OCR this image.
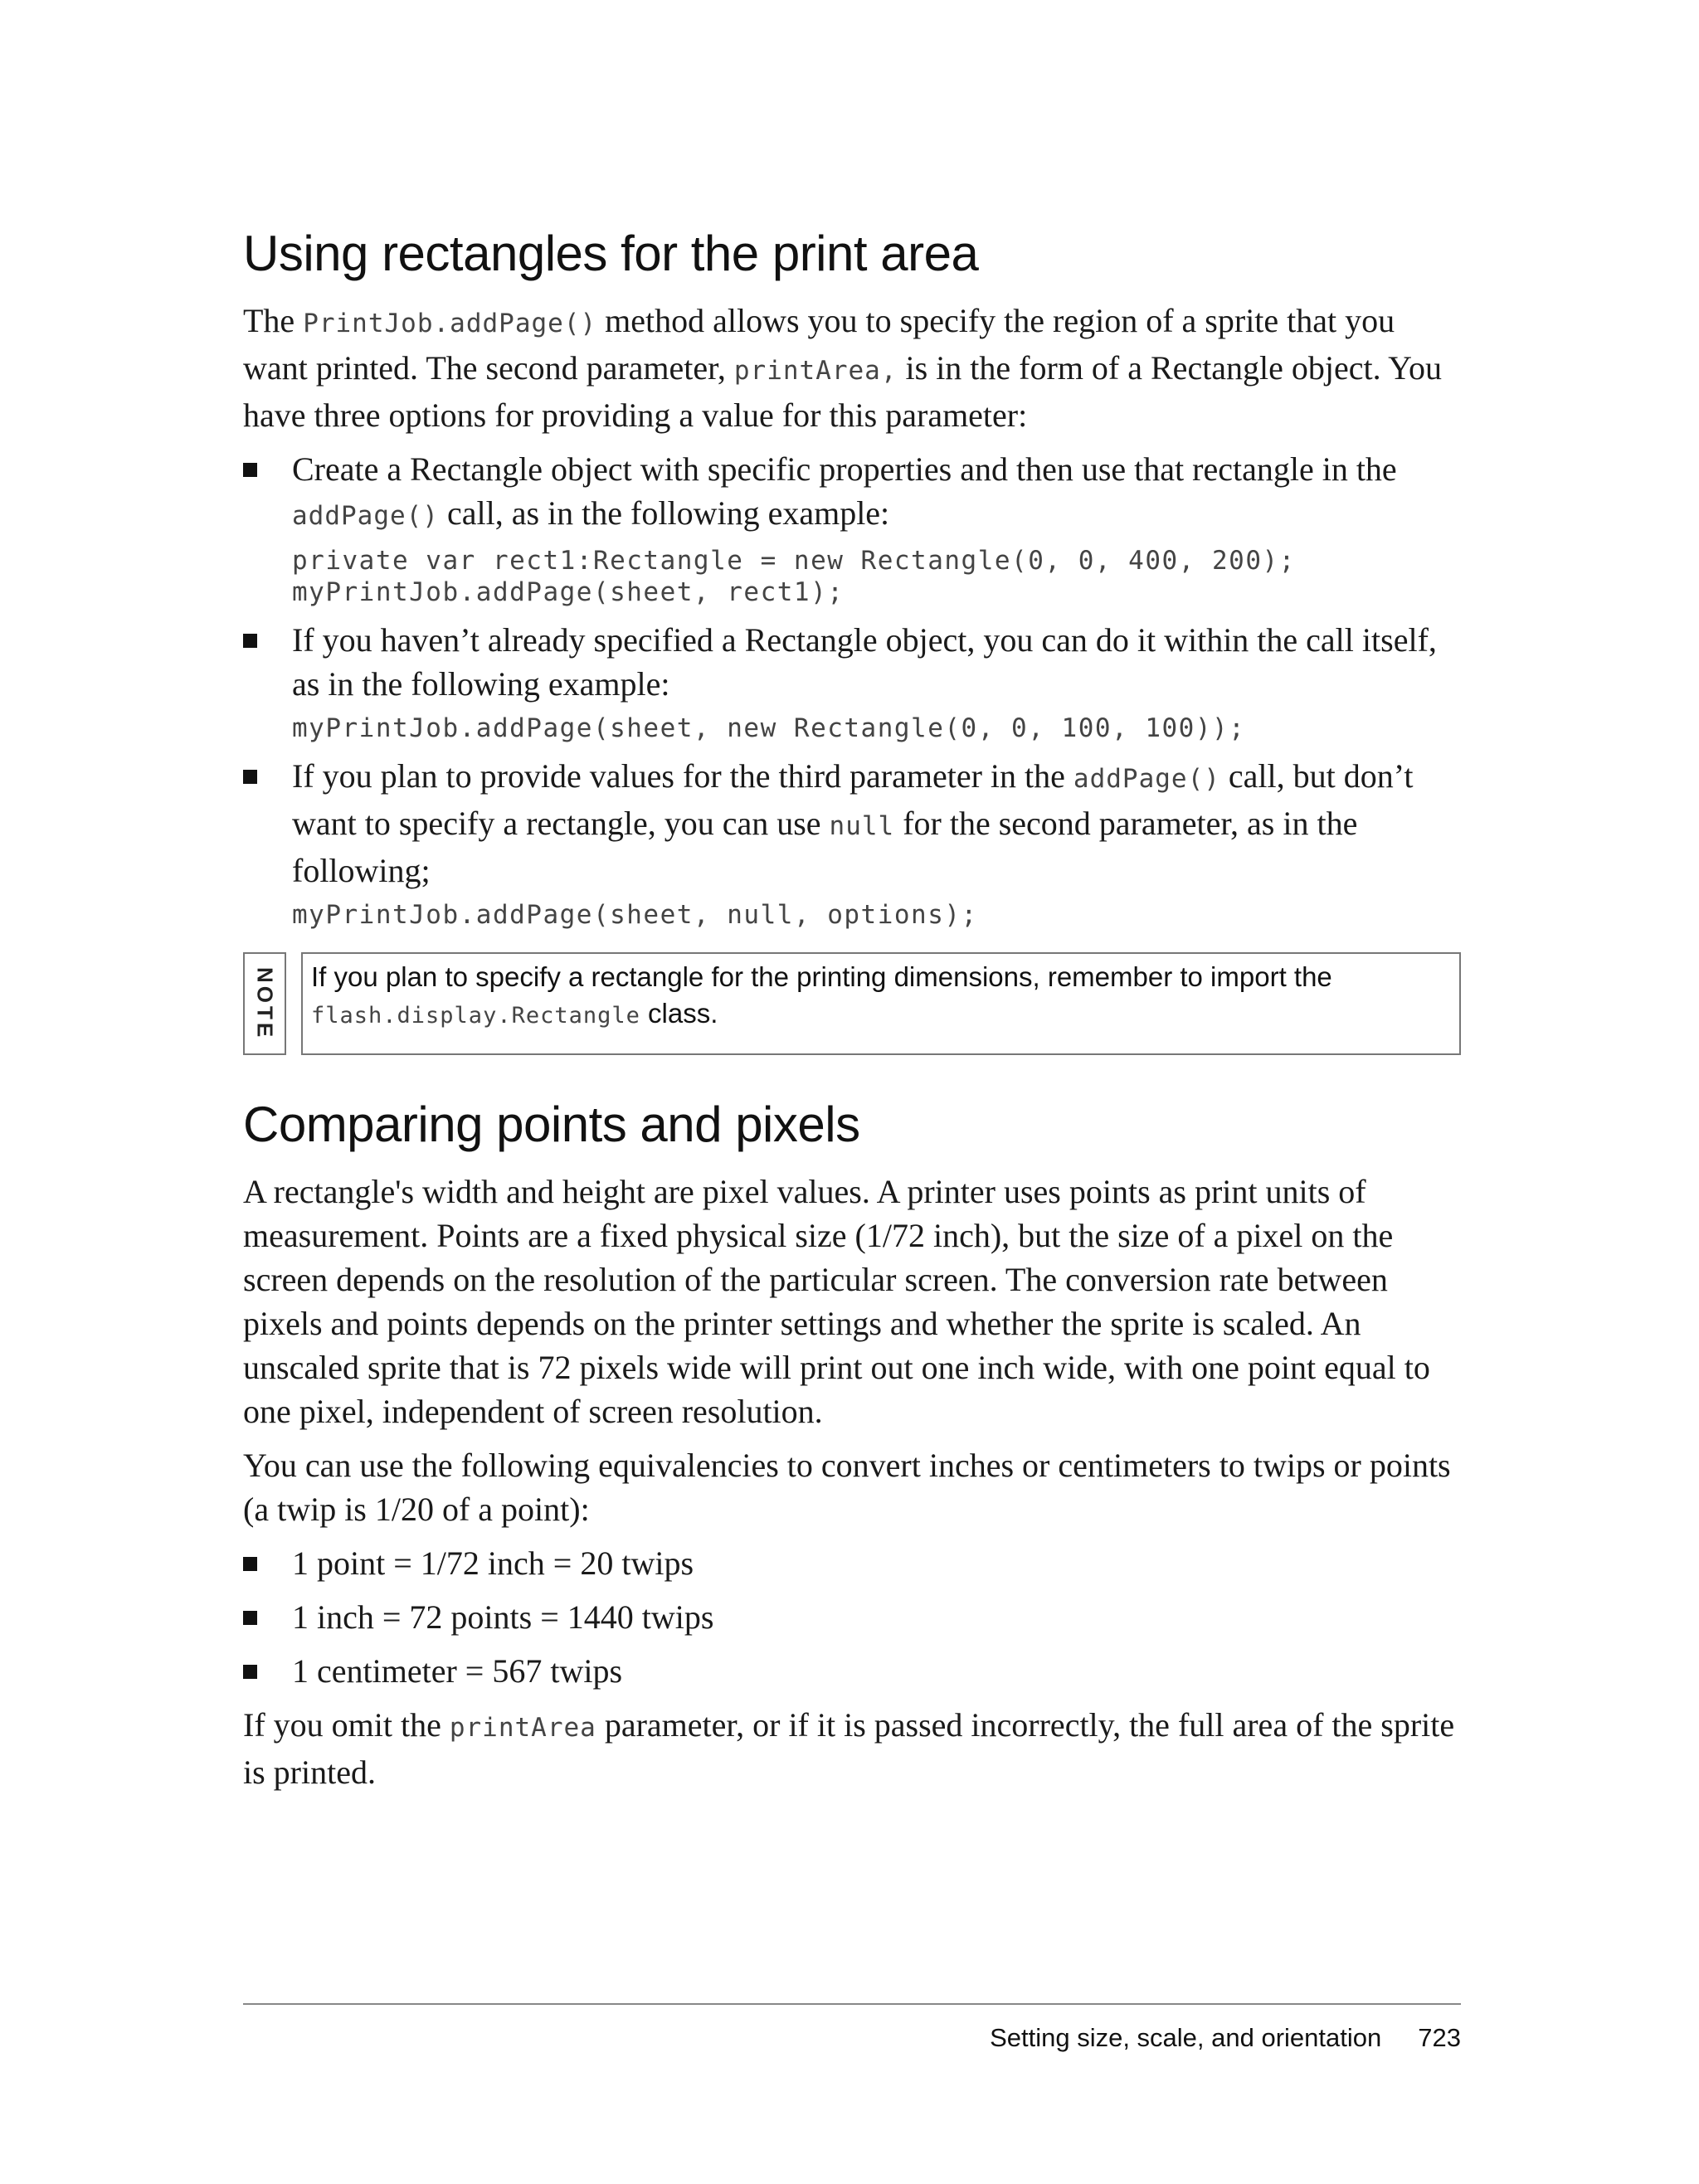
Using rectangles for the print area

The PrintJob.addPage() method allows you to specify the region of a sprite that you want printed. The second parameter, printArea, is in the form of a Rectangle object. You have three options for providing a value for this parameter:

Create a Rectangle object with specific properties and then use that rectangle in the addPage() call, as in the following example:
private var rect1:Rectangle = new Rectangle(0, 0, 400, 200);
myPrintJob.addPage(sheet, rect1);
If you haven’t already specified a Rectangle object, you can do it within the call itself, as in the following example:
myPrintJob.addPage(sheet, new Rectangle(0, 0, 100, 100));
If you plan to provide values for the third parameter in the addPage() call, but don’t want to specify a rectangle, you can use null for the second parameter, as in the following;
myPrintJob.addPage(sheet, null, options);
NOTE	If you plan to specify a rectangle for the printing dimensions, remember to import the flash.display.Rectangle class.
Comparing points and pixels

A rectangle's width and height are pixel values. A printer uses points as print units of measurement. Points are a fixed physical size (1/72 inch), but the size of a pixel on the screen depends on the resolution of the particular screen. The conversion rate between pixels and points depends on the printer settings and whether the sprite is scaled. An unscaled sprite that is 72 pixels wide will print out one inch wide, with one point equal to one pixel, independent of screen resolution.

You can use the following equivalencies to convert inches or centimeters to twips or points (a twip is 1/20 of a point):

1 point = 1/72 inch = 20 twips
1 inch = 72 points = 1440 twips
1 centimeter = 567 twips

If you omit the printArea parameter, or if it is passed incorrectly, the full area of the sprite is printed.

Setting size, scale, and orientation 723
